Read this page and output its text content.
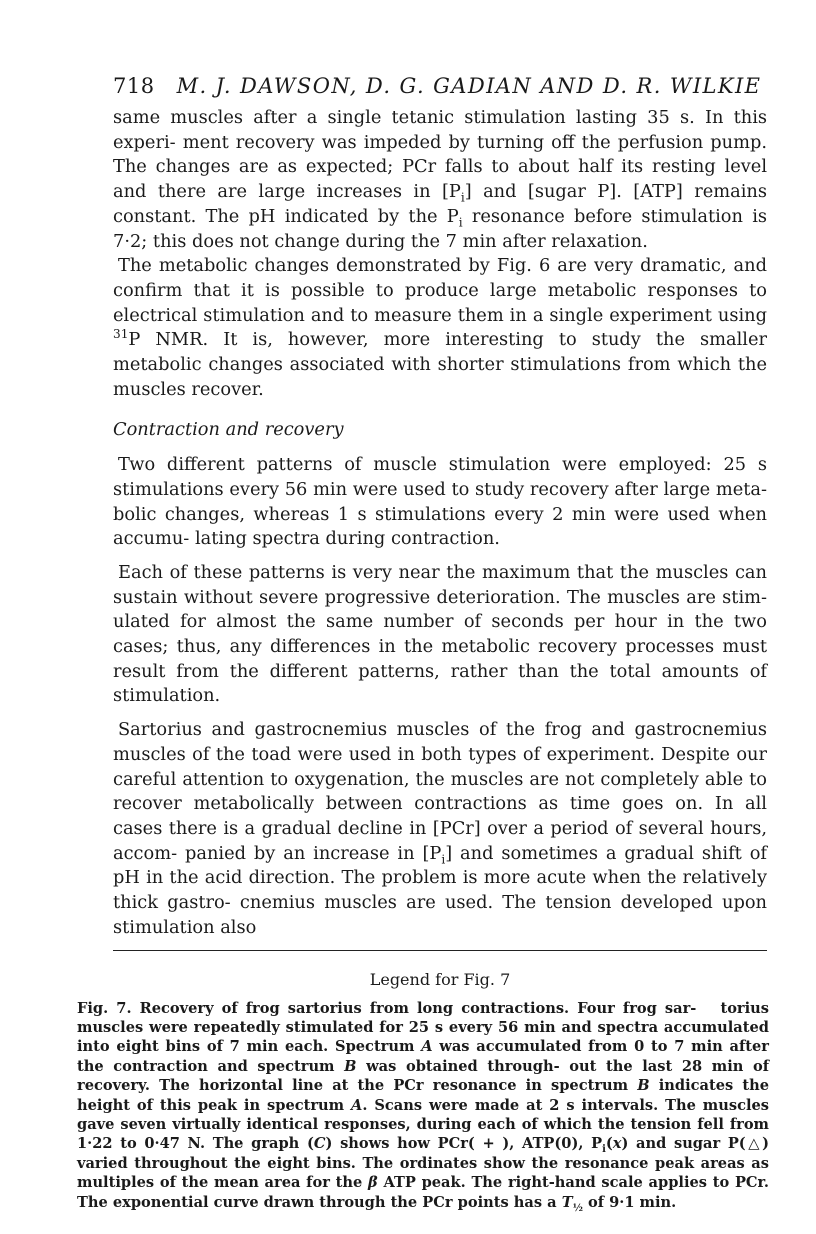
718 M. J. DAWSON, D. G. GADIAN AND D. R. WILKIE

same muscles after a single tetanic stimulation lasting 35 s. In this experi- ment recovery was impeded by turning off the perfusion pump. The changes are as expected; PCr falls to about half its resting level and there are large increases in $[P_i]$ and [sugar P]. [ATP] remains constant. The pH indicated by the $P_i$ resonance before stimulation is 7·2; this does not change during the 7 min after relaxation.

The metabolic changes demonstrated by Fig. 6 are very dramatic, and confirm that it is possible to produce large metabolic responses to electrical stimulation and to measure them in a single experiment using $^{31}$P NMR. It is, however, more interesting to study the smaller metabolic changes associated with shorter stimulations from which the muscles recover.

Contraction and recovery

Two different patterns of muscle stimulation were employed: 25 s stimulations every 56 min were used to study recovery after large meta- bolic changes, whereas 1 s stimulations every 2 min were used when accumu- lating spectra during contraction.

Each of these patterns is very near the maximum that the muscles can sustain without severe progressive deterioration. The muscles are stim- ulated for almost the same number of seconds per hour in the two cases; thus, any differences in the metabolic recovery processes must result from the different patterns, rather than the total amounts of stimulation.

Sartorius and gastrocnemius muscles of the frog and gastrocnemius muscles of the toad were used in both types of experiment. Despite our careful attention to oxygenation, the muscles are not completely able to recover metabolically between contractions as time goes on. In all cases there is a gradual decline in [PCr] over a period of several hours, accom- panied by an increase in $[P_i]$ and sometimes a gradual shift of pH in the acid direction. The problem is more acute when the relatively thick gastro- cnemius muscles are used. The tension developed upon stimulation also

Legend for Fig. 7

Fig. 7. Recovery of frog sartorius from long contractions. Four frog sar- torius muscles were repeatedly stimulated for 25 s every 56 min and spectra accumulated into eight bins of 7 min each. Spectrum A was accumulated from 0 to 7 min after the contraction and spectrum B was obtained through- out the last 28 min of recovery. The horizontal line at the PCr resonance in spectrum B indicates the height of this peak in spectrum A. Scans were made at 2 s intervals. The muscles gave seven virtually identical responses, during each of which the tension fell from 1·22 to 0·47 N. The graph (C) shows how PCr( + ), ATP(0), $P_i(x)$ and sugar P(△) varied throughout the eight bins. The ordinates show the resonance peak areas as multiples of the mean area for the β ATP peak. The right-hand scale applies to PCr. The exponential curve drawn through the PCr points has a $T_{\frac{1}{2}}$ of 9·1 min.
